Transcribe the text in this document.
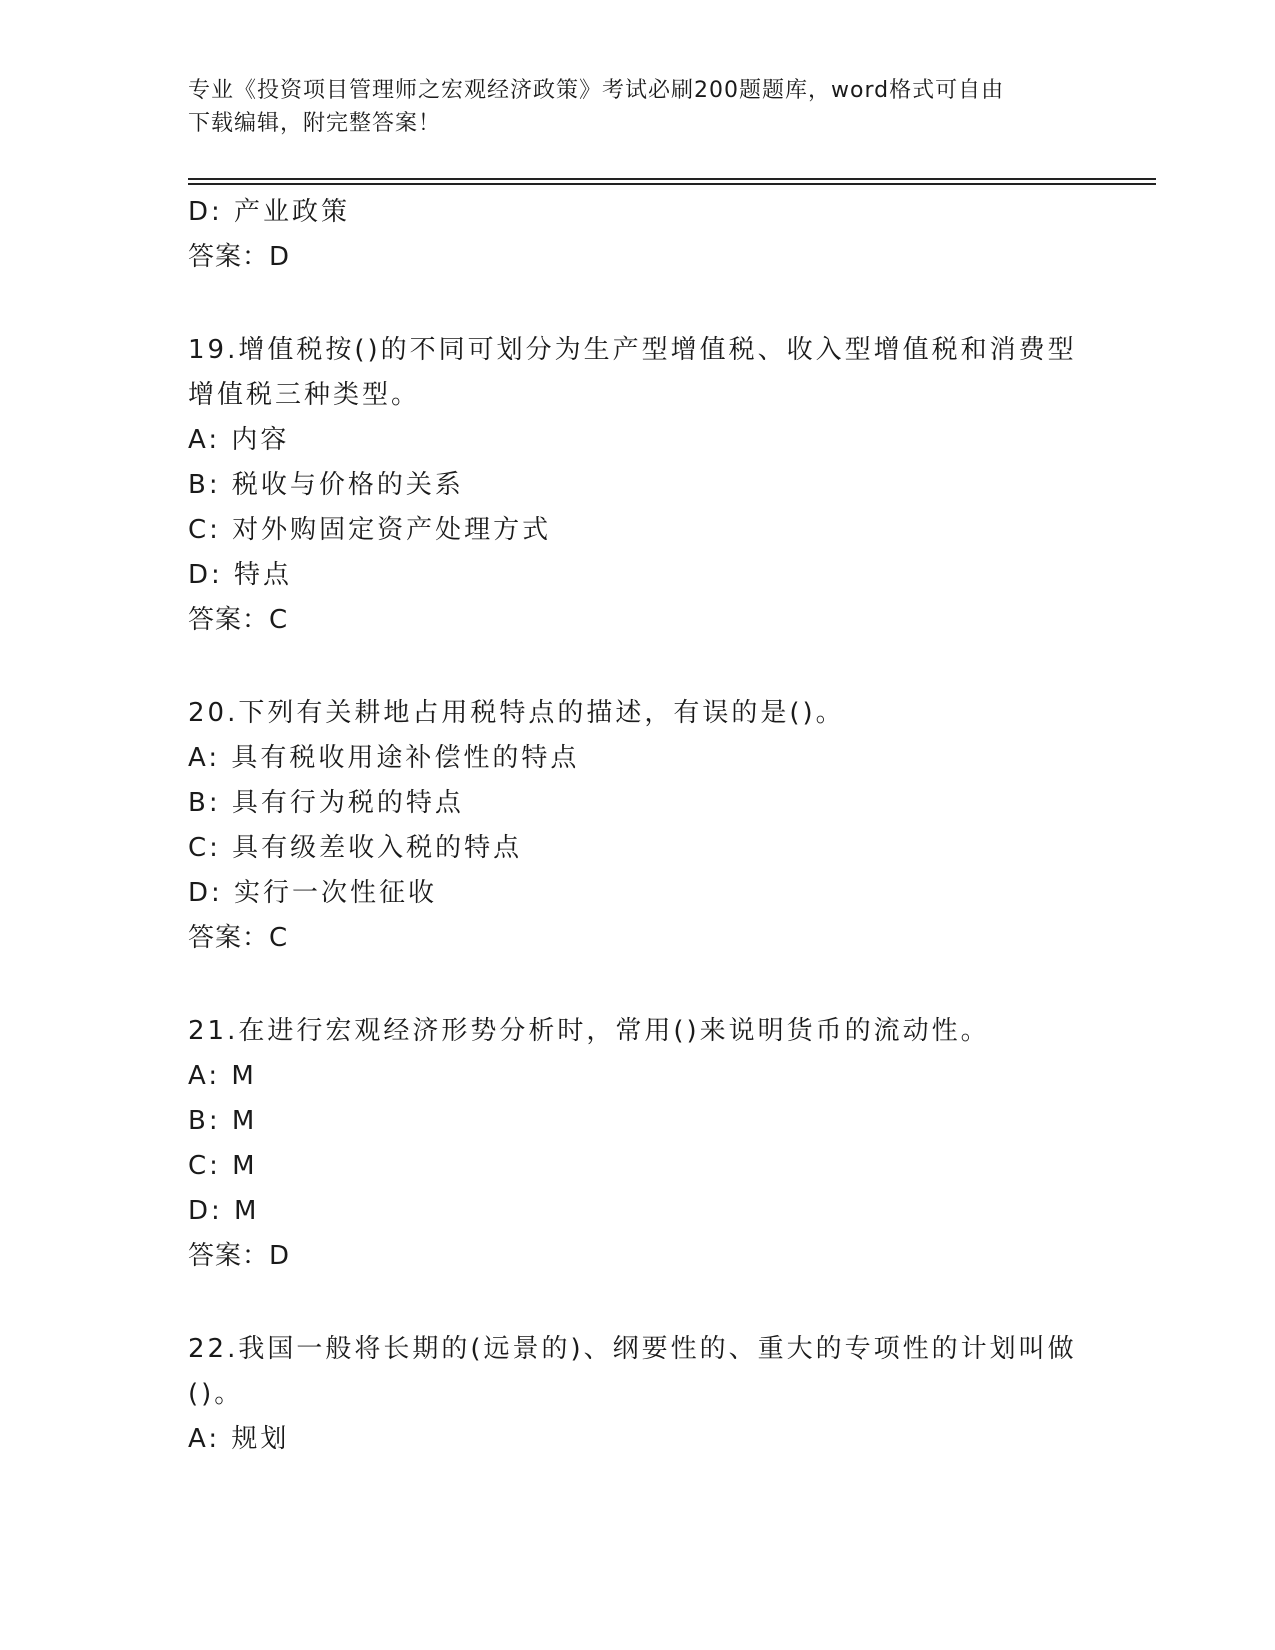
专业《投资项目管理师之宏观经济政策》考试必刷200题题库，word格式可自由
下载编辑，附完整答案！
D: 产业政策
答案：D
19.增值税按()的不同可划分为生产型增值税、收入型增值税和消费型
增值税三种类型。
A: 内容
B: 税收与价格的关系
C: 对外购固定资产处理方式
D: 特点
答案：C
20.下列有关耕地占用税特点的描述，有误的是()。
A: 具有税收用途补偿性的特点
B: 具有行为税的特点
C: 具有级差收入税的特点
D: 实行一次性征收
答案：C
21.在进行宏观经济形势分析时，常用()来说明货币的流动性。
A: M
B: M
C: M
D: M
答案：D
22.我国一般将长期的(远景的)、纲要性的、重大的专项性的计划叫做
()。
A: 规划
